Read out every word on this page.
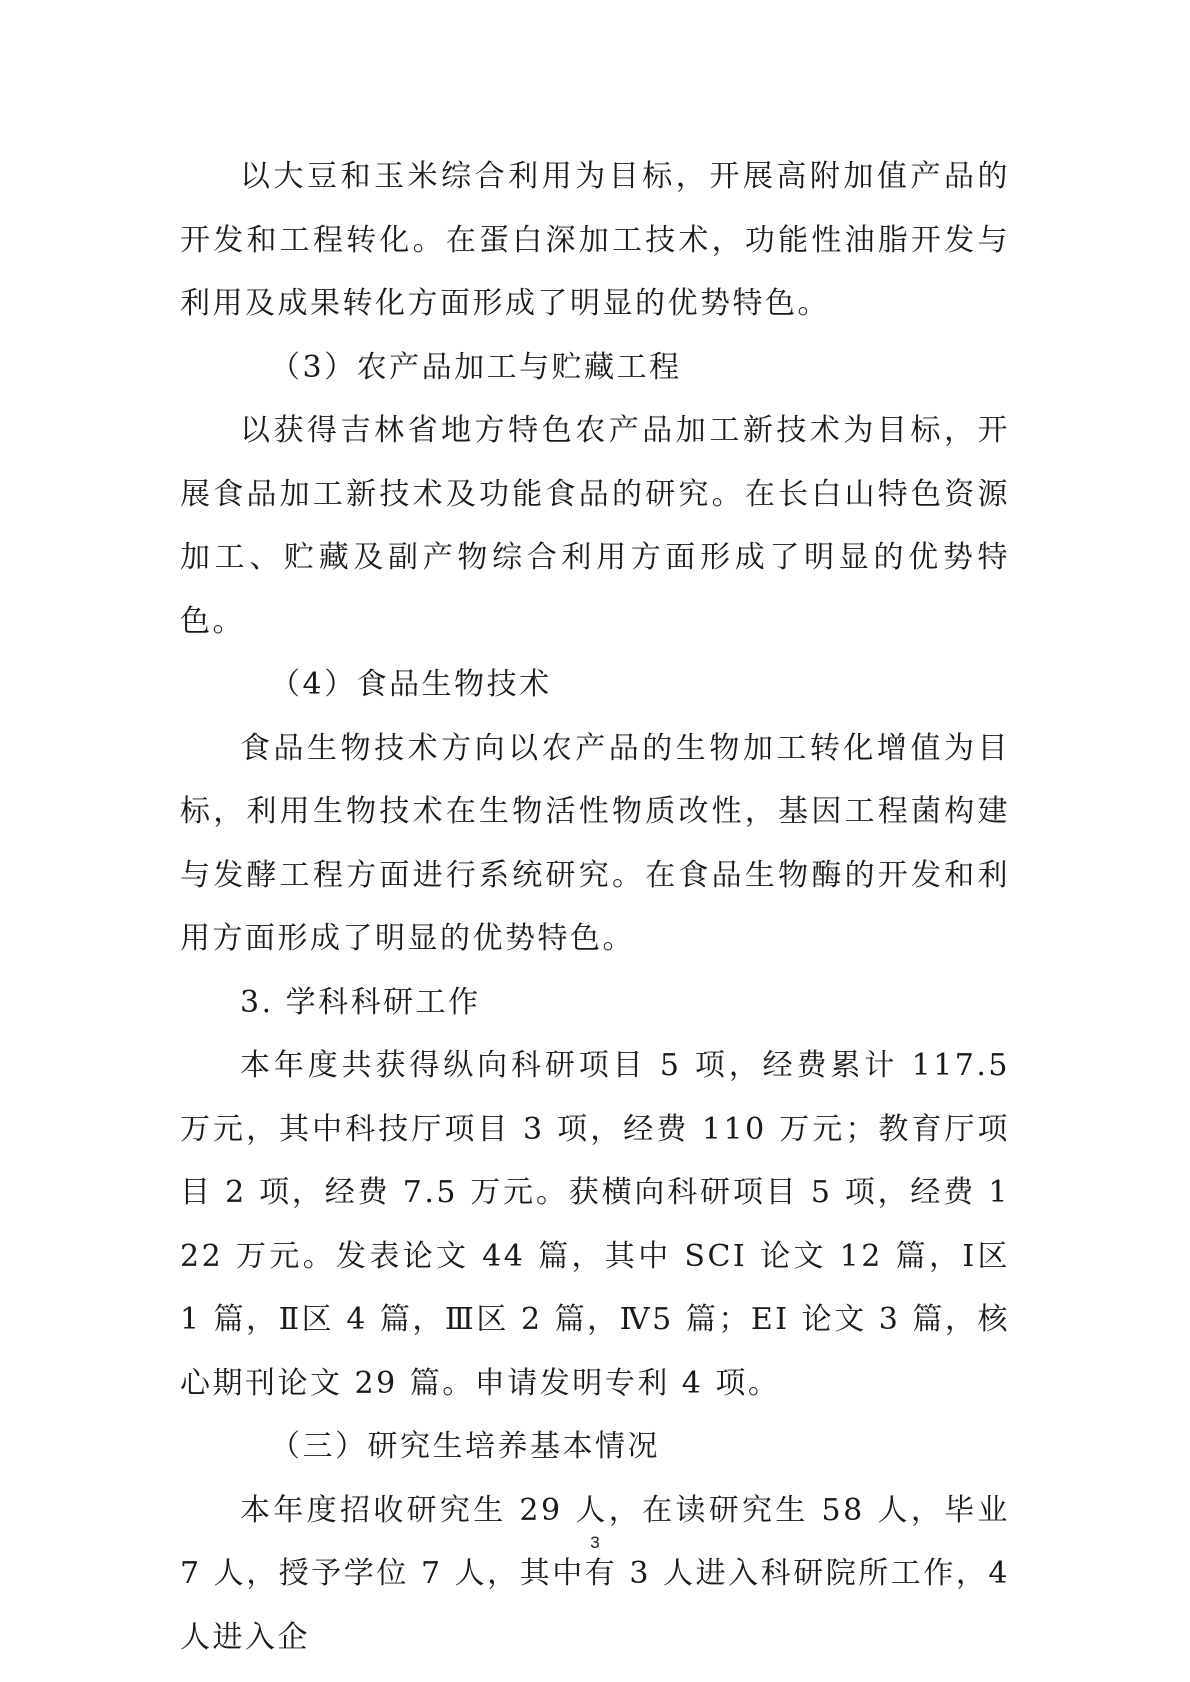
以大豆和玉米综合利用为目标，开展高附加值产品的开发和工程转化。在蛋白深加工技术，功能性油脂开发与利用及成果转化方面形成了明显的优势特色。

（3）农产品加工与贮藏工程

以获得吉林省地方特色农产品加工新技术为目标，开展食品加工新技术及功能食品的研究。在长白山特色资源加工、贮藏及副产物综合利用方面形成了明显的优势特色。

（4）食品生物技术

食品生物技术方向以农产品的生物加工转化增值为目标，利用生物技术在生物活性物质改性，基因工程菌构建与发酵工程方面进行系统研究。在食品生物酶的开发和利用方面形成了明显的优势特色。

3. 学科科研工作

本年度共获得纵向科研项目 5 项，经费累计 117.5 万元，其中科技厅项目 3 项，经费 110 万元；教育厅项目 2 项，经费 7.5 万元。获横向科研项目 5 项，经费 122 万元。发表论文 44 篇，其中 SCI 论文 12 篇，Ⅰ区 1 篇，Ⅱ区 4 篇，Ⅲ区 2 篇，Ⅳ5 篇；EI 论文 3 篇，核心期刊论文 29 篇。申请发明专利 4 项。

（三）研究生培养基本情况

本年度招收研究生 29 人，在读研究生 58 人，毕业 7 人，授予学位 7 人，其中有 3 人进入科研院所工作，4 人进入企

3
